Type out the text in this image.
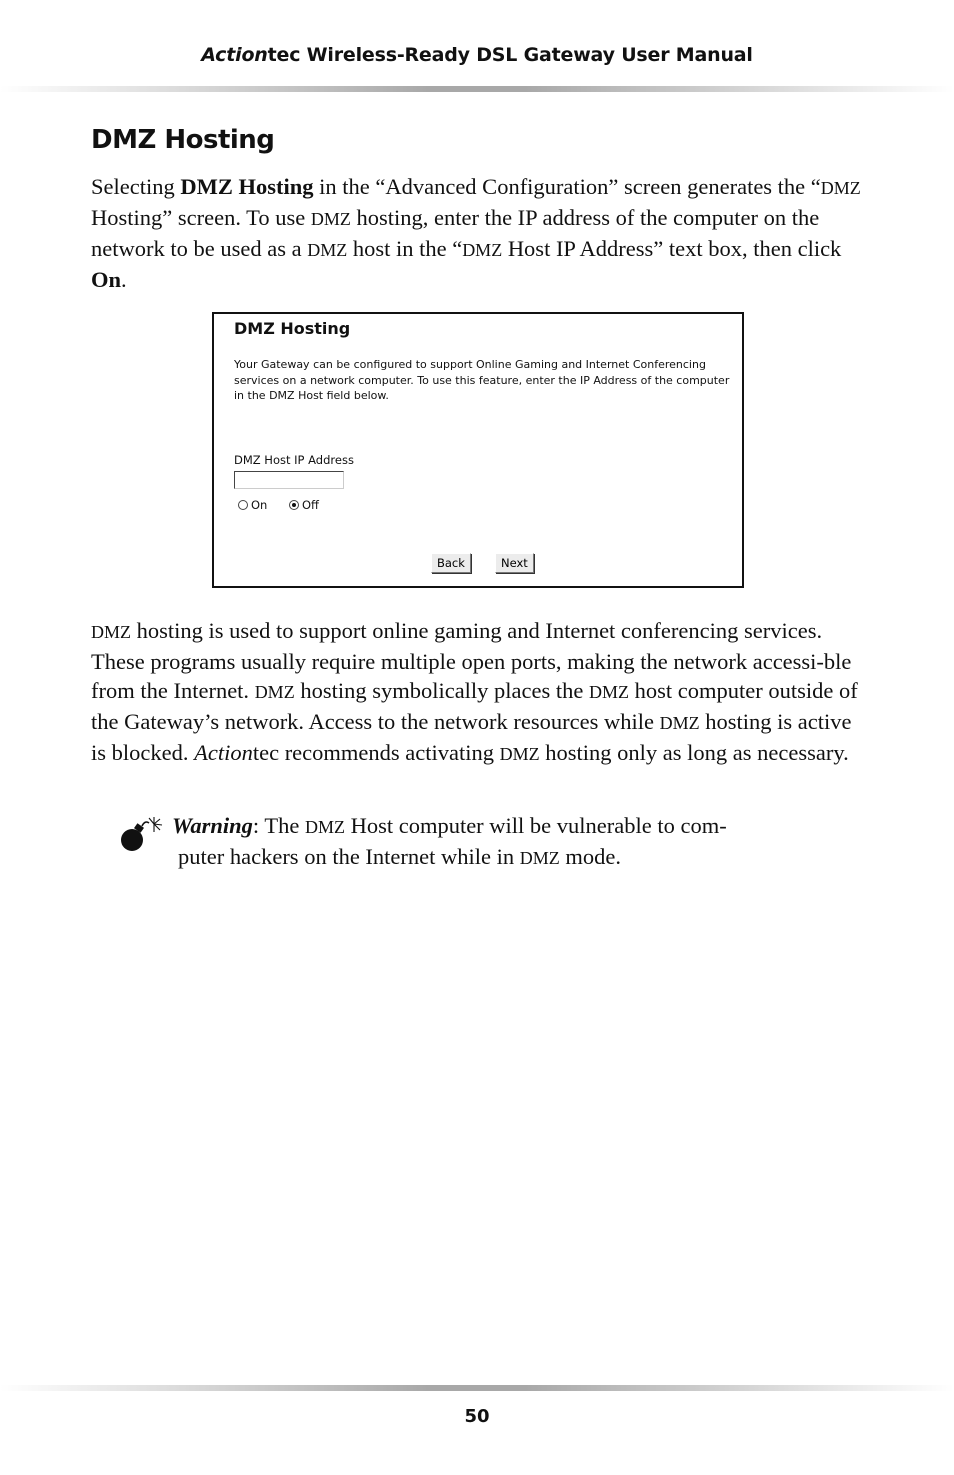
Actiontec Wireless-Ready DSL Gateway User Manual
DMZ Hosting

Selecting DMZ Hosting in the “Advanced Configuration” screen generates the “DMZ Hosting” screen. To use DMZ hosting, enter the IP address of the computer on the network to be used as a DMZ host in the “DMZ Host IP Address” text box, then click On.

DMZ Hosting

Your Gateway can be configured to support Online Gaming and Internet Conferencing services on a network computer. To use this feature, enter the IP Address of the computer in the DMZ Host field below.

DMZ Host IP Address
On	Off
Back	Next

DMZ hosting is used to support online gaming and Internet conferencing services. These programs usually require multiple open ports, making the network accessi-ble from the Internet. DMZ hosting symbolically places the DMZ host computer outside of the Gateway’s network. Access to the network resources while DMZ hosting is active is blocked. Actiontec recommends activating DMZ hosting only as long as necessary.

Warning: The DMZ Host computer will be vulnerable to com-
puter hackers on the Internet while in DMZ mode.

50
